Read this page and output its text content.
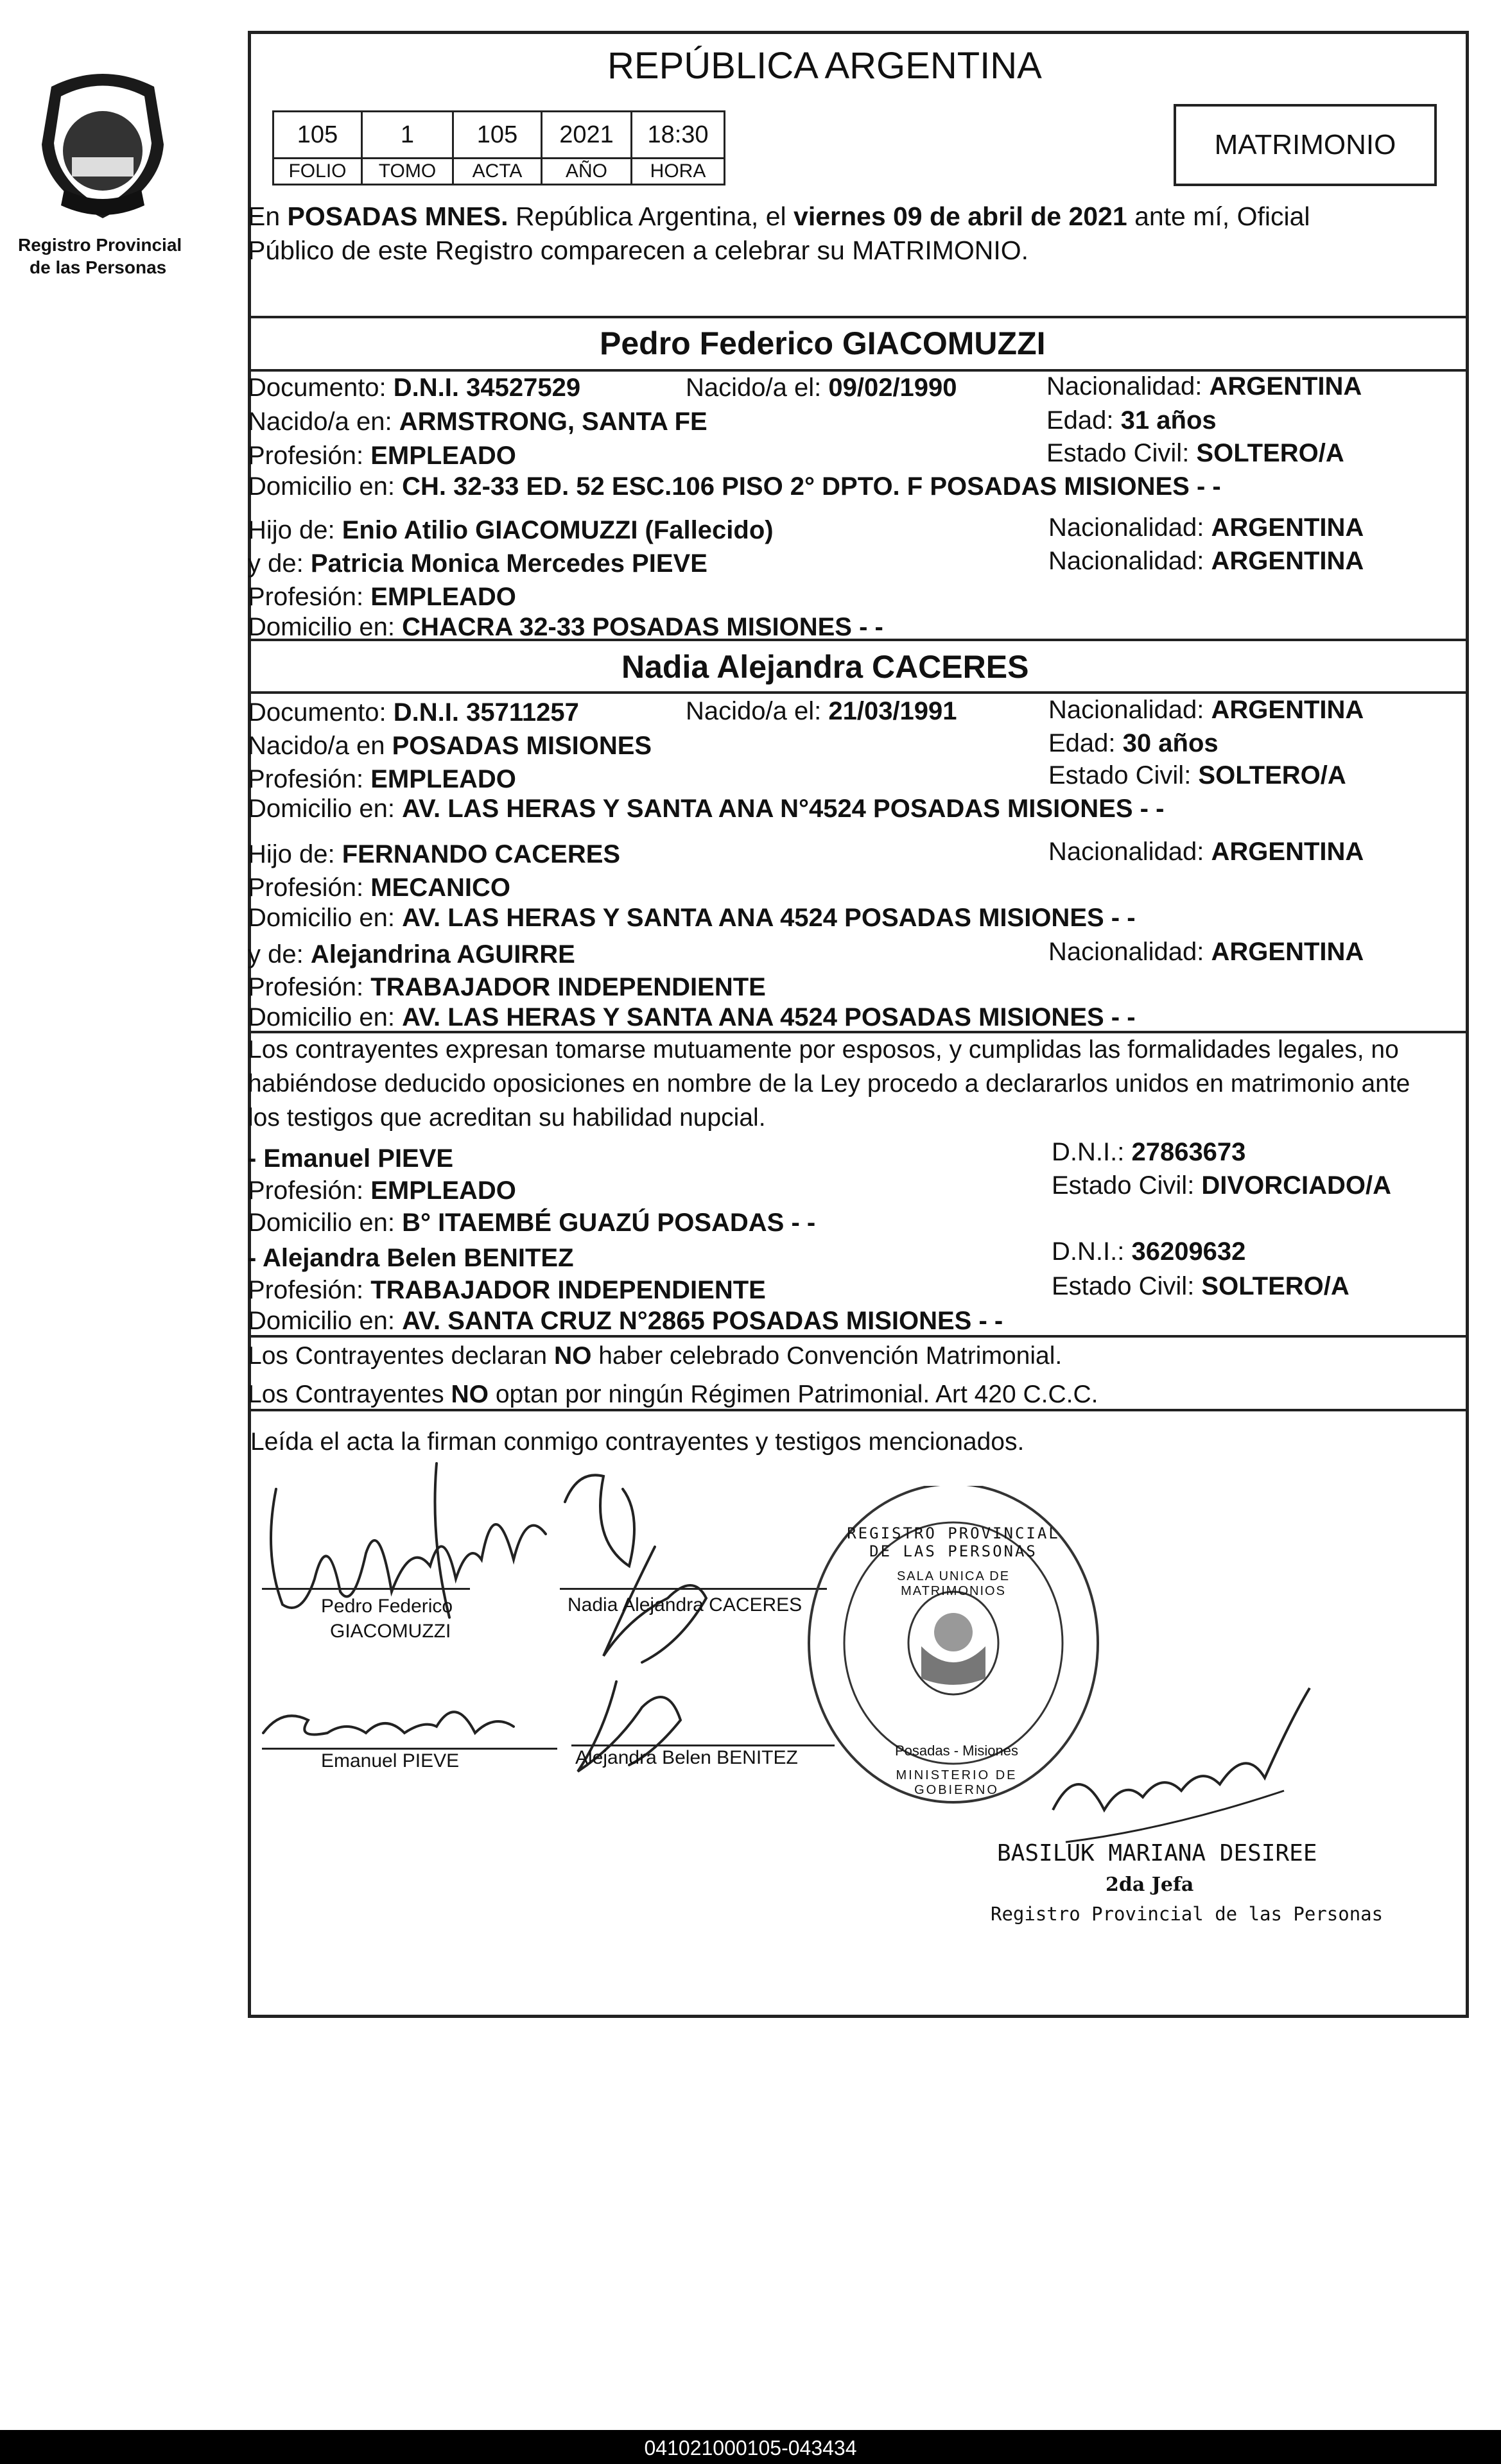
Registro Provincial
de las Personas
REPÚBLICA ARGENTINA
105	1	105 2021 18:30
FOLIO TOMO ACTA AÑO HORA
MATRIMONIO
En POSADAS MNES. República Argentina, el viernes 09 de abril de 2021 ante mí, Oficial
Público de este Registro comparecen a celebrar su MATRIMONIO.
Pedro Federico GIACOMUZZI
Documento: D.N.I. 34527529	Nacido/a el: 09/02/1990	Nacionalidad: ARGENTINA
Nacido/a en: ARMSTRONG, SANTA FE	Edad: 31 años
Profesión: EMPLEADO	Estado Civil: SOLTERO/A
Domicilio en: CH. 32-33 ED. 52 ESC.106 PISO 2° DPTO. F POSADAS MISIONES - -
Hijo de: Enio Atilio GIACOMUZZI (Fallecido)	Nacionalidad: ARGENTINA
y de: Patricia Monica Mercedes PIEVE	Nacionalidad: ARGENTINA
Profesión: EMPLEADO
Domicilio en: CHACRA 32-33 POSADAS MISIONES - -
Nadia Alejandra CACERES
Documento: D.N.I. 35711257	Nacido/a el: 21/03/1991	Nacionalidad: ARGENTINA
Nacido/a en POSADAS MISIONES	Edad: 30 años
Profesión: EMPLEADO	Estado Civil: SOLTERO/A
Domicilio en: AV. LAS HERAS Y SANTA ANA N°4524 POSADAS MISIONES - -
Hijo de: FERNANDO CACERES	Nacionalidad: ARGENTINA
Profesión: MECANICO
Domicilio en: AV. LAS HERAS Y SANTA ANA 4524 POSADAS MISIONES - -
y de: Alejandrina AGUIRRE	Nacionalidad: ARGENTINA
Profesión: TRABAJADOR INDEPENDIENTE
Domicilio en: AV. LAS HERAS Y SANTA ANA 4524 POSADAS MISIONES - -
Los contrayentes expresan tomarse mutuamente por esposos, y cumplidas las formalidades legales, no
habiéndose deducido oposiciones en nombre de la Ley procedo a declararlos unidos en matrimonio ante
los testigos que acreditan su habilidad nupcial.
- Emanuel PIEVE	D.N.I.: 27863673
Profesión: EMPLEADO	Estado Civil: DIVORCIADO/A
Domicilio en: B° ITAEMBÉ GUAZÚ POSADAS - -
- Alejandra Belen BENITEZ	D.N.I.: 36209632
Profesión: TRABAJADOR INDEPENDIENTE	Estado Civil: SOLTERO/A
Domicilio en: AV. SANTA CRUZ N°2865 POSADAS MISIONES - -
Los Contrayentes declaran NO haber celebrado Convención Matrimonial.
Los Contrayentes NO optan por ningún Régimen Patrimonial. Art 420 C.C.C.
Leída el acta la firman conmigo contrayentes y testigos mencionados.
Pedro Federico
GIACOMUZZI
Nadia Alejandra CACERES
Emanuel PIEVE	Alejandra Belen BENITEZ
REGISTRO PROVINCIAL DE LAS PERSONAS
SALA UNICA DE MATRIMONIOS
Posadas - Misiones
MINISTERIO DE GOBIERNO
BASILUK MARIANA DESIREE
2da Jefa
Registro Provincial de las Personas
041021000105-043434
